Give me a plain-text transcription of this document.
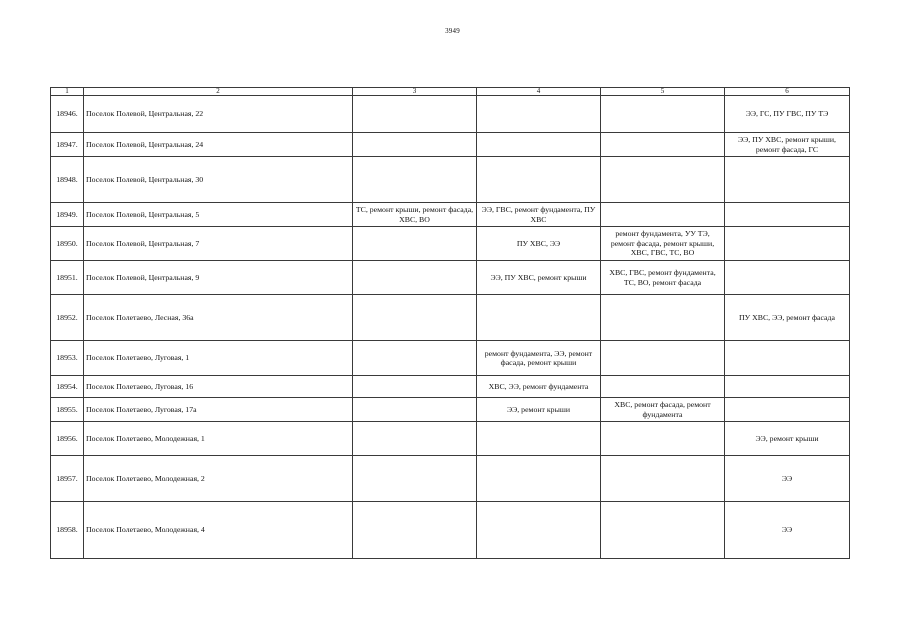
3949
1	2	3	4	5	6
18946.	Поселок Полевой, Центральная, 22				ЭЭ, ГС, ПУ ГВС, ПУ ТЭ
18947.	Поселок Полевой, Центральная, 24				ЭЭ, ПУ ХВС, ремонт крыши, ремонт фасада, ГС
18948.	Поселок Полевой, Центральная, 30				
18949.	Поселок Полевой, Центральная, 5	ТС, ремонт крыши, ремонт фасада, ХВС, ВО	ЭЭ, ГВС, ремонт фундамента, ПУ ХВС		
18950.	Поселок Полевой, Центральная, 7		ПУ ХВС, ЭЭ	ремонт фундамента, УУ ТЭ, ремонт фасада, ремонт крыши, ХВС, ГВС, ТС, ВО	
18951.	Поселок Полевой, Центральная, 9		ЭЭ, ПУ ХВС, ремонт крыши	ХВС, ГВС, ремонт фундамента, ТС, ВО, ремонт фасада	
18952.	Поселок Полетаево, Лесная, 36а				ПУ ХВС, ЭЭ, ремонт фасада
18953.	Поселок Полетаево, Луговая, 1		ремонт фундамента, ЭЭ, ремонт фасада, ремонт крыши		
18954.	Поселок Полетаево, Луговая, 16		ХВС, ЭЭ, ремонт фундамента		
18955.	Поселок Полетаево, Луговая, 17а		ЭЭ, ремонт крыши	ХВС, ремонт фасада, ремонт фундамента	
18956.	Поселок Полетаево, Молодежная, 1				ЭЭ, ремонт крыши
18957.	Поселок Полетаево, Молодежная, 2				ЭЭ
18958.	Поселок Полетаево, Молодежная, 4				ЭЭ
